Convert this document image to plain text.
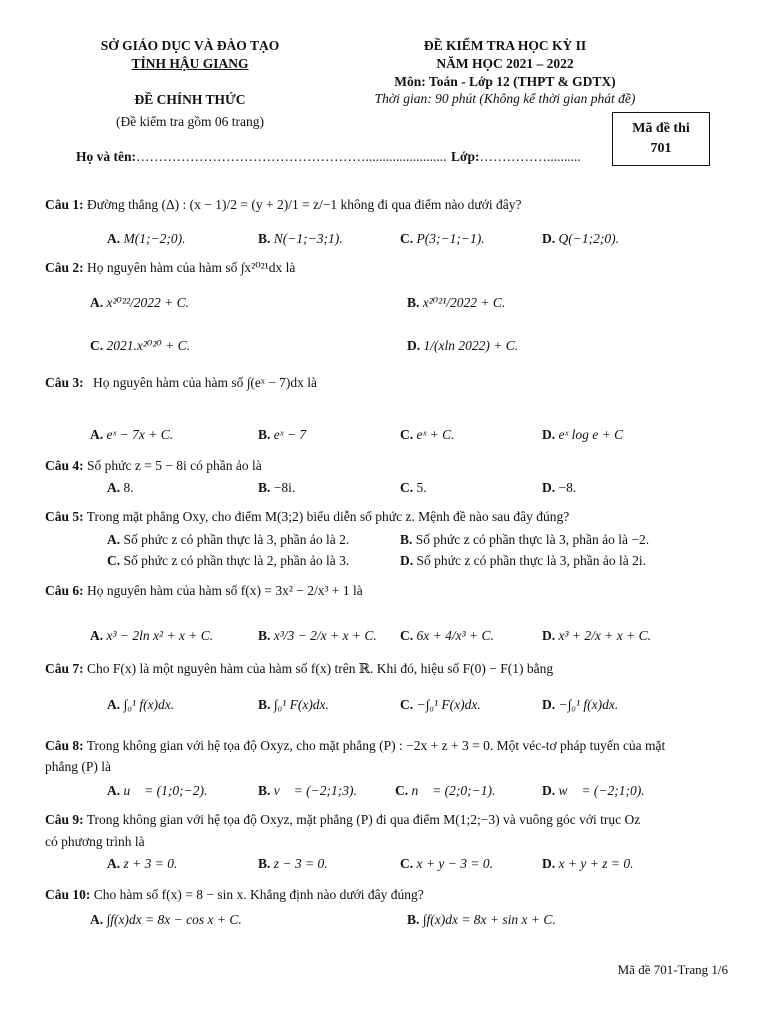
SỞ GIÁO DỤC VÀ ĐÀO TẠO
TỈNH HẬU GIANG
ĐỀ CHÍNH THỨC
(Đề kiểm tra gồm 06 trang)
ĐỀ KIỂM TRA HỌC KỲ II
NĂM HỌC 2021 – 2022
Môn: Toán - Lớp 12 (THPT & GDTX)
Thời gian: 90 phút (Không kể thời gian phát đề)
Mã đề thi
701
Họ và tên:……………………………………………........................ Lớp:……………..........
Câu 1: Đường thẳng (Δ) : (x − 1)/2 = (y + 2)/1 = z/−1 không đi qua điểm nào dưới đây?
A. M(1;−2;0).	B. N(−1;−3;1).	C. P(3;−1;−1).	D. Q(−1;2;0).
Câu 2: Họ nguyên hàm của hàm số ∫x²⁰²¹dx là
A. x²⁰²²/2022 + C.	B. x²⁰²¹/2022 + C.
C. 2021.x²⁰²⁰ + C.	D. 1/(xln 2022) + C.
Câu 3: Họ nguyên hàm của hàm số ∫(eˣ − 7)dx là
A. eˣ − 7x + C.	B. eˣ − 7	C. eˣ + C.	D. eˣ log e + C
Câu 4: Số phức z = 5 − 8i có phần ảo là
A. 8.	B. −8i.	C. 5.	D. −8.
Câu 5: Trong mặt phẳng Oxy, cho điểm M(3;2) biểu diễn số phức z. Mệnh đề nào sau đây đúng?
A. Số phức z có phần thực là 3, phần ảo là 2.	B. Số phức z có phần thực là 3, phần ảo là −2.
C. Số phức z có phần thực là 2, phần ảo là 3.	D. Số phức z có phần thực là 3, phần ảo là 2i.
Câu 6: Họ nguyên hàm của hàm số f(x) = 3x² − 2/x³ + 1 là
A. x³ − 2ln x² + x + C.	B. x³/3 − 2/x + x + C. C. 6x + 4/x³ + C.	D. x³ + 2/x + x + C.
Câu 7: Cho F(x) là một nguyên hàm của hàm số f(x) trên ℝ. Khi đó, hiệu số F(0) − F(1) bằng
A. ∫₀¹ f(x)dx.	B. ∫₀¹ F(x)dx.	C. −∫₀¹ F(x)dx.	D. −∫₀¹ f(x)dx.
Câu 8: Trong không gian với hệ tọa độ Oxyz, cho mặt phẳng (P) : −2x + z + 3 = 0. Một véc-tơ pháp tuyến của mặt
phẳng (P) là
A. u⃗ = (1;0;−2).	B. v⃗ = (−2;1;3).	C. n⃗ = (2;0;−1).	D. w⃗ = (−2;1;0).
Câu 9: Trong không gian với hệ tọa độ Oxyz, mặt phẳng (P) đi qua điểm M(1;2;−3) và vuông góc với trục Oz
có phương trình là
A. z + 3 = 0.	B. z − 3 = 0.	C. x + y − 3 = 0.	D. x + y + z = 0.
Câu 10: Cho hàm số f(x) = 8 − sin x. Khẳng định nào dưới đây đúng?
A. ∫f(x)dx = 8x − cos x + C.	B. ∫f(x)dx = 8x + sin x + C.
Mã đề 701-Trang 1/6
